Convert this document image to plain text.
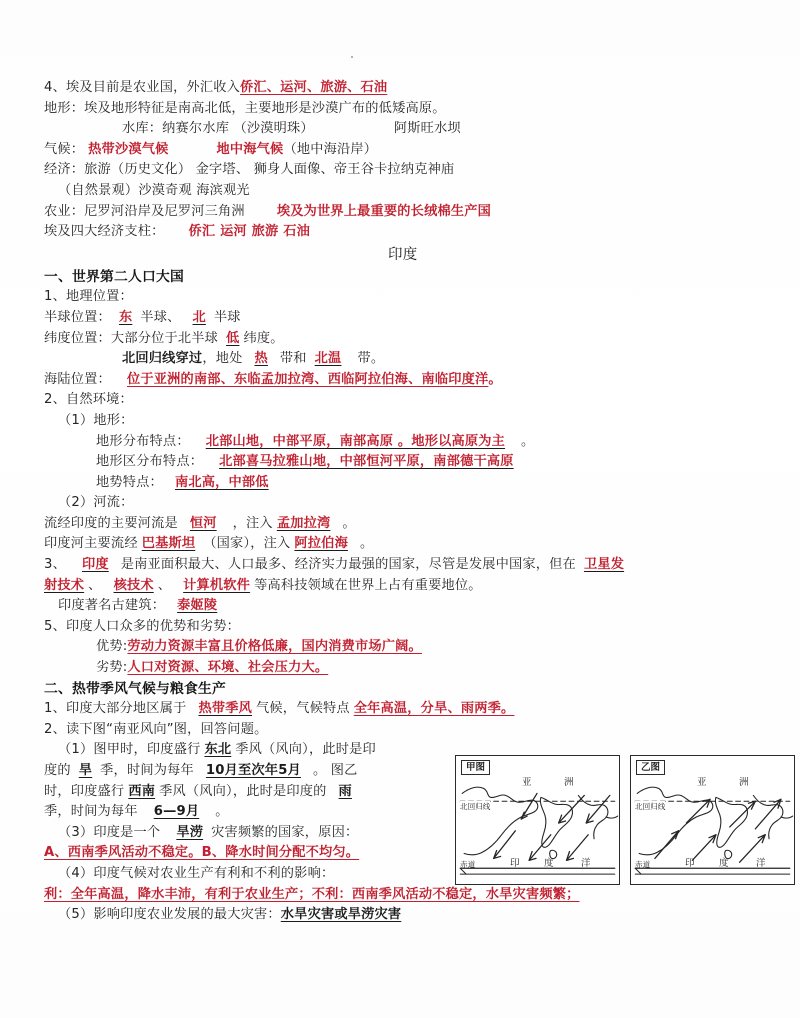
4、埃及目前是农业国，外汇收入侨汇、运河、旅游、石油
地形：埃及地形特征是南高北低，主要地形是沙漠广布的低矮高原。
水库：纳赛尔水库 （沙漠明珠）	阿斯旺水坝
气候： 热带沙漠气候	地中海气候（地中海沿岸）
经济：旅游（历史文化） 金字塔、 狮身人面像、帝王谷卡拉纳克神庙
（自然景观）沙漠奇观 海滨观光
农业：尼罗河沿岸及尼罗河三角洲 埃及为世界上最重要的长绒棉生产国
埃及四大经济支柱： 侨汇 运河 旅游 石油
印度
一、世界第二人口大国
1、地理位置：
半球位置： 东 半球、 北 半球
纬度位置：大部分位于北半球 低 纬度。
北回归线穿过，地处 热 带和 北温 带。
海陆位置： 位于亚洲的南部、东临孟加拉湾、西临阿拉伯海、南临印度洋。
2、自然环境：
（1）地形：
地形分布特点： 北部山地，中部平原，南部高原 。地形以高原为主 。
地形区分布特点： 北部喜马拉雅山地，中部恒河平原，南部德干高原
地势特点： 南北高，中部低
（2）河流：
流经印度的主要河流是 恒河 ，注入 孟加拉湾 。
印度河主要流经 巴基斯坦 （国家），注入 阿拉伯海 。
3、 印度 是南亚面积最大、人口最多、经济实力最强的国家，尽管是发展中国家，但在 卫星发
射技术 、 核技术 、 计算机软件 等高科技领域在世界上占有重要地位。
印度著名古建筑： 泰姬陵
5、印度人口众多的优势和劣势：
优势:劳动力资源丰富且价格低廉，国内消费市场广阔。
劣势:人口对资源、环境、社会压力大。
二、热带季风气候与粮食生产
1、印度大部分地区属于 热带季风 气候，气候特点 全年高温，分旱、雨两季。
2、读下图“南亚风向”图，回答问题。
（1）图甲时，印度盛行 东北 季风（风向），此时是印
度的 旱 季，时间为每年 10月至次年5月 。 图乙
时，印度盛行 西南 季风（风向），此时是印度的 雨
季，时间为每年 6—9月 。
（3）印度是一个 旱涝 灾害频繁的国家，原因：
A、西南季风活动不稳定。B、降水时间分配不均匀。
（4）印度气候对农业生产有利和不利的影响：
利：全年高温，降水丰沛，有利于农业生产；不利：西南季风活动不稳定，水旱灾害频繁；
（5）影响印度农业发展的最大灾害：水旱灾害或旱涝灾害
甲图
亚	洲
北回归线
赤道	印	度	洋
乙图
亚	洲
北回归线
赤道	印	度	洋
